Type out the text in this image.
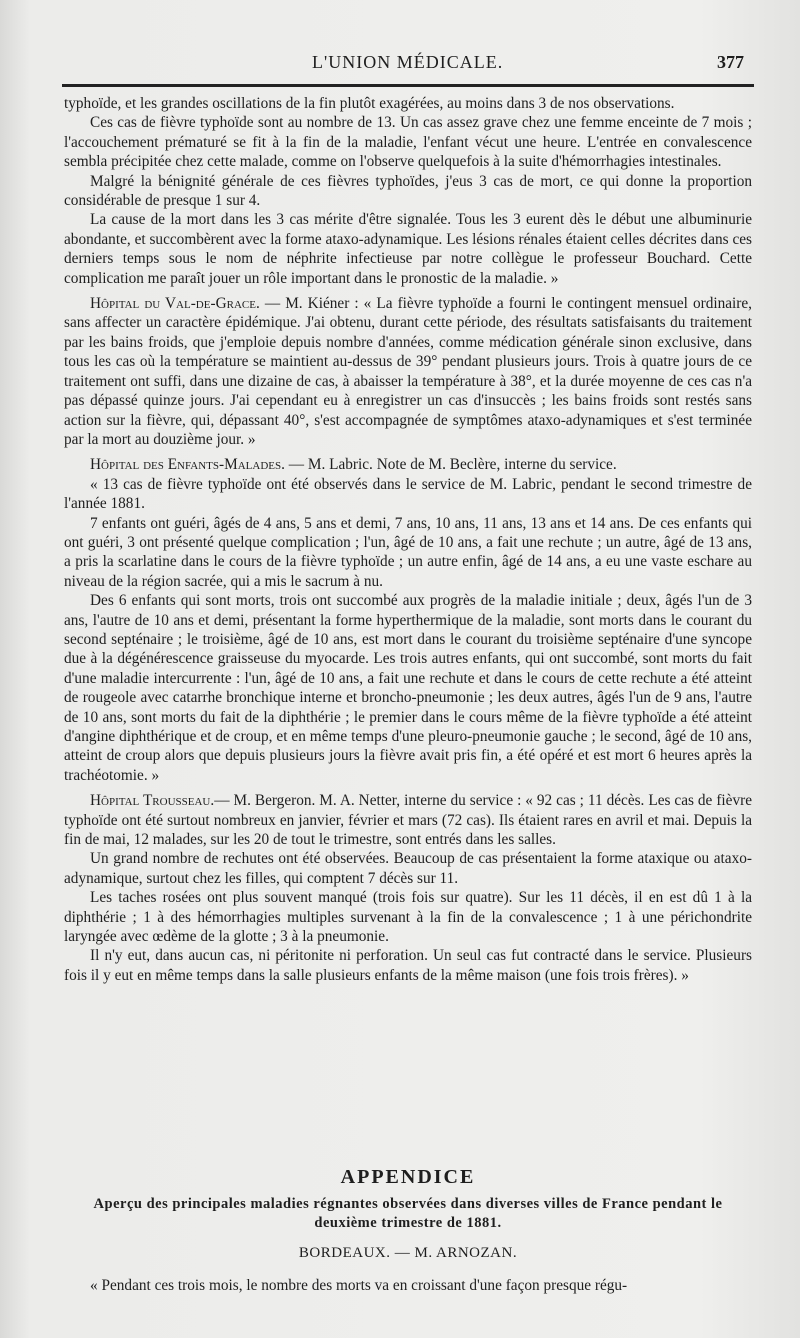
L'UNION MÉDICALE.	377

typhoïde, et les grandes oscillations de la fin plutôt exagérées, au moins dans 3 de nos observations.

Ces cas de fièvre typhoïde sont au nombre de 13. Un cas assez grave chez une femme enceinte de 7 mois ; l'accouchement prématuré se fit à la fin de la maladie, l'enfant vécut une heure. L'entrée en convalescence sembla précipitée chez cette malade, comme on l'observe quelquefois à la suite d'hémorrhagies intestinales.

Malgré la bénignité générale de ces fièvres typhoïdes, j'eus 3 cas de mort, ce qui donne la proportion considérable de presque 1 sur 4.

La cause de la mort dans les 3 cas mérite d'être signalée. Tous les 3 eurent dès le début une albuminurie abondante, et succombèrent avec la forme ataxo-adynamique. Les lésions rénales étaient celles décrites dans ces derniers temps sous le nom de néphrite infectieuse par notre collègue le professeur Bouchard. Cette complication me paraît jouer un rôle important dans le pronostic de la maladie. »

Hôpital du Val-de-Grace. — M. Kiéner : « La fièvre typhoïde a fourni le contingent mensuel ordinaire, sans affecter un caractère épidémique. J'ai obtenu, durant cette période, des résultats satisfaisants du traitement par les bains froids, que j'emploie depuis nombre d'années, comme médication générale sinon exclusive, dans tous les cas où la température se maintient au-dessus de 39° pendant plusieurs jours. Trois à quatre jours de ce traitement ont suffi, dans une dizaine de cas, à abaisser la température à 38°, et la durée moyenne de ces cas n'a pas dépassé quinze jours. J'ai cependant eu à enregistrer un cas d'insuccès ; les bains froids sont restés sans action sur la fièvre, qui, dépassant 40°, s'est accompagnée de symptômes ataxo-adynamiques et s'est terminée par la mort au douzième jour. »

Hôpital des Enfants-Malades. — M. Labric. Note de M. Beclère, interne du service.

« 13 cas de fièvre typhoïde ont été observés dans le service de M. Labric, pendant le second trimestre de l'année 1881.

7 enfants ont guéri, âgés de 4 ans, 5 ans et demi, 7 ans, 10 ans, 11 ans, 13 ans et 14 ans. De ces enfants qui ont guéri, 3 ont présenté quelque complication ; l'un, âgé de 10 ans, a fait une rechute ; un autre, âgé de 13 ans, a pris la scarlatine dans le cours de la fièvre typhoïde ; un autre enfin, âgé de 14 ans, a eu une vaste eschare au niveau de la région sacrée, qui a mis le sacrum à nu.

Des 6 enfants qui sont morts, trois ont succombé aux progrès de la maladie initiale ; deux, âgés l'un de 3 ans, l'autre de 10 ans et demi, présentant la forme hyperthermique de la maladie, sont morts dans le courant du second septénaire ; le troisième, âgé de 10 ans, est mort dans le courant du troisième septénaire d'une syncope due à la dégénérescence graisseuse du myocarde. Les trois autres enfants, qui ont succombé, sont morts du fait d'une maladie intercurrente : l'un, âgé de 10 ans, a fait une rechute et dans le cours de cette rechute a été atteint de rougeole avec catarrhe bronchique interne et broncho-pneumonie ; les deux autres, âgés l'un de 9 ans, l'autre de 10 ans, sont morts du fait de la diphthérie ; le premier dans le cours même de la fièvre typhoïde a été atteint d'angine diphthérique et de croup, et en même temps d'une pleuro-pneumonie gauche ; le second, âgé de 10 ans, atteint de croup alors que depuis plusieurs jours la fièvre avait pris fin, a été opéré et est mort 6 heures après la trachéotomie. »

Hôpital Trousseau.— M. Bergeron. M. A. Netter, interne du service : « 92 cas ; 11 décès. Les cas de fièvre typhoïde ont été surtout nombreux en janvier, février et mars (72 cas). Ils étaient rares en avril et mai. Depuis la fin de mai, 12 malades, sur les 20 de tout le trimestre, sont entrés dans les salles.

Un grand nombre de rechutes ont été observées. Beaucoup de cas présentaient la forme ataxique ou ataxo-adynamique, surtout chez les filles, qui comptent 7 décès sur 11.

Les taches rosées ont plus souvent manqué (trois fois sur quatre). Sur les 11 décès, il en est dû 1 à la diphthérie ; 1 à des hémorrhagies multiples survenant à la fin de la convalescence ; 1 à une périchondrite laryngée avec œdème de la glotte ; 3 à la pneumonie.

Il n'y eut, dans aucun cas, ni péritonite ni perforation. Un seul cas fut contracté dans le service. Plusieurs fois il y eut en même temps dans la salle plusieurs enfants de la même maison (une fois trois frères). »

APPENDICE

Aperçu des principales maladies régnantes observées dans diverses villes de France pendant le deuxième trimestre de 1881.

BORDEAUX. — M. ARNOZAN.

« Pendant ces trois mois, le nombre des morts va en croissant d'une façon presque régu-
